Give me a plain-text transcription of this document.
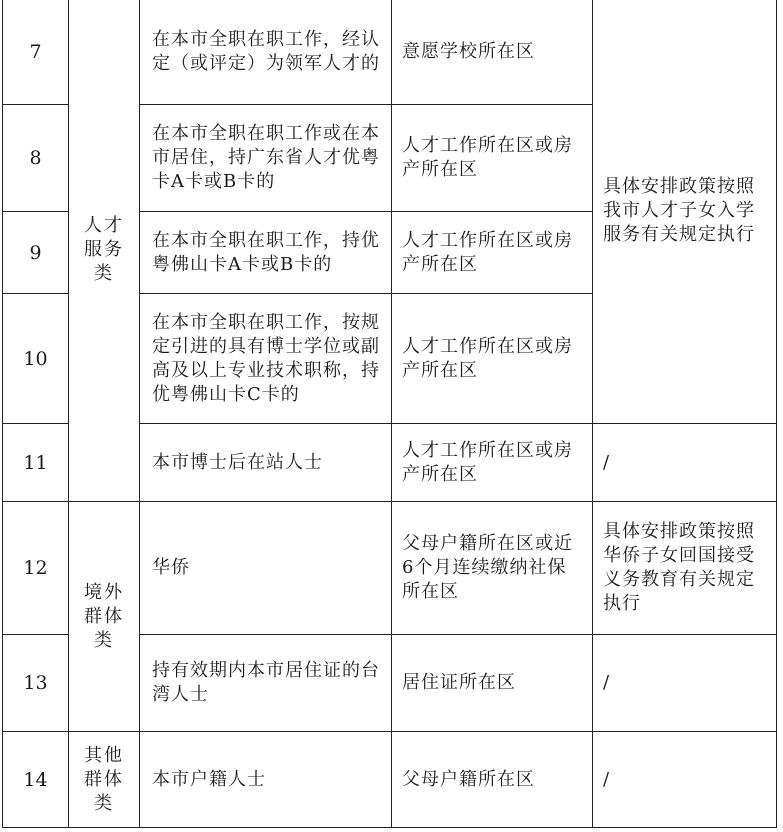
7	人才服务类	在本市全职在职工作，经认定（或评定）为领军人才的	意愿学校所在区	具体安排政策按照我市人才子女入学服务有关规定执行

8		在本市全职在职工作或在本市居住，持广东省人才优粤卡A卡或B卡的	人才工作所在区或房产所在区	

9		在本市全职在职工作，持优粤佛山卡A卡或B卡的	人才工作所在区或房产所在区	

10		在本市全职在职工作，按规定引进的具有博士学位或副高及以上专业技术职称，持优粤佛山卡C卡的	人才工作所在区或房产所在区	

11		本市博士后在站人士	人才工作所在区或房产所在区	/

12	境外群体类	华侨	父母户籍所在区或近6个月连续缴纳社保所在区	具体安排政策按照华侨子女回国接受义务教育有关规定执行

13		持有效期内本市居住证的台湾人士	居住证所在区	/

14	其他群体类	本市户籍人士	父母户籍所在区	/
